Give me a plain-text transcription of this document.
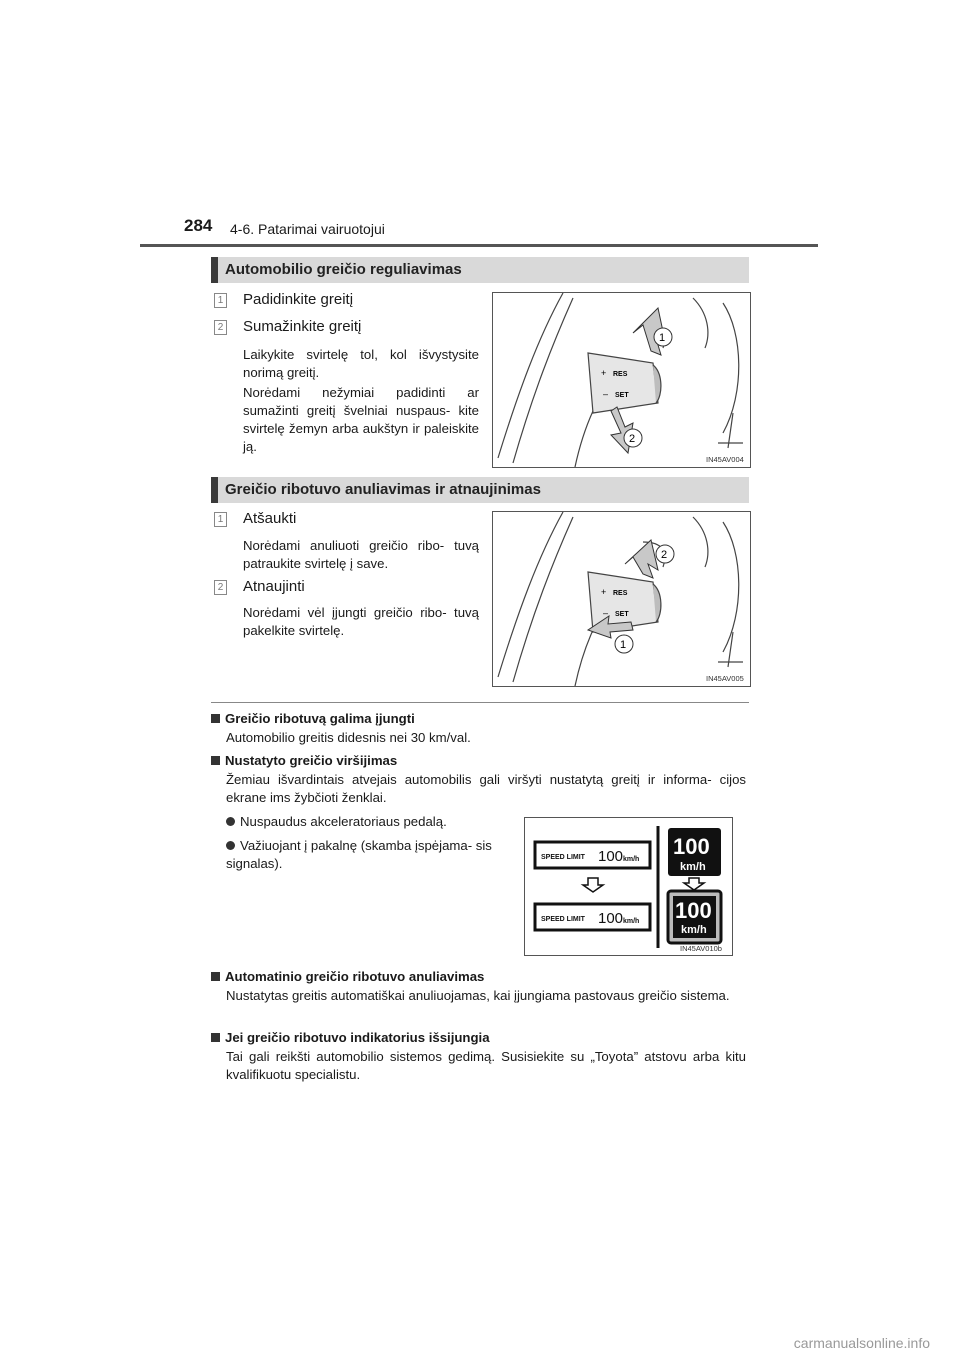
284 4-6. Patarimai vairuotojui
Automobilio greičio reguliavimas
1 Padidinkite greitį
2 Sumažinkite greitį
Laikykite svirtelę tol, kol išvystysite norimą greitį.
Norėdami nežymiai padidinti ar sumažinti greitį švelniai nuspaus- kite svirtelę žemyn arba aukštyn ir paleiskite ją.
+ RES
– SET
1
2
IN45AV004
Greičio ribotuvo anuliavimas ir atnaujinimas
1 Atšaukti
Norėdami anuliuoti greičio ribo- tuvą patraukite svirtelę į save.
2 Atnaujinti
Norėdami vėl įjungti greičio ribo- tuvą pakelkite svirtelę.
+ RES
– SET
2
1
IN45AV005
Greičio ribotuvą galima įjungti
Automobilio greitis didesnis nei 30 km/val.
Nustatyto greičio viršijimas
Žemiau išvardintais atvejais automobilis gali viršyti nustatytą greitį ir informa- cijos ekrane ims žybčioti ženklai.
Nuspaudus akceleratoriaus pedalą.
Važiuojant į pakalnę (skamba įspėjama- sis signalas).	SPEED LIMIT 100 km/h
SPEED LIMIT 100 km/h
100
km/h
100
km/h
IN45AV010b
Automatinio greičio ribotuvo anuliavimas
Nustatytas greitis automatiškai anuliuojamas, kai įjungiama pastovaus greičio sistema.
Jei greičio ribotuvo indikatorius išsijungia
Tai gali reikšti automobilio sistemos gedimą. Susisiekite su „Toyota” atstovu arba kitu kvalifikuotu specialistu.
carmanualsonline.info
